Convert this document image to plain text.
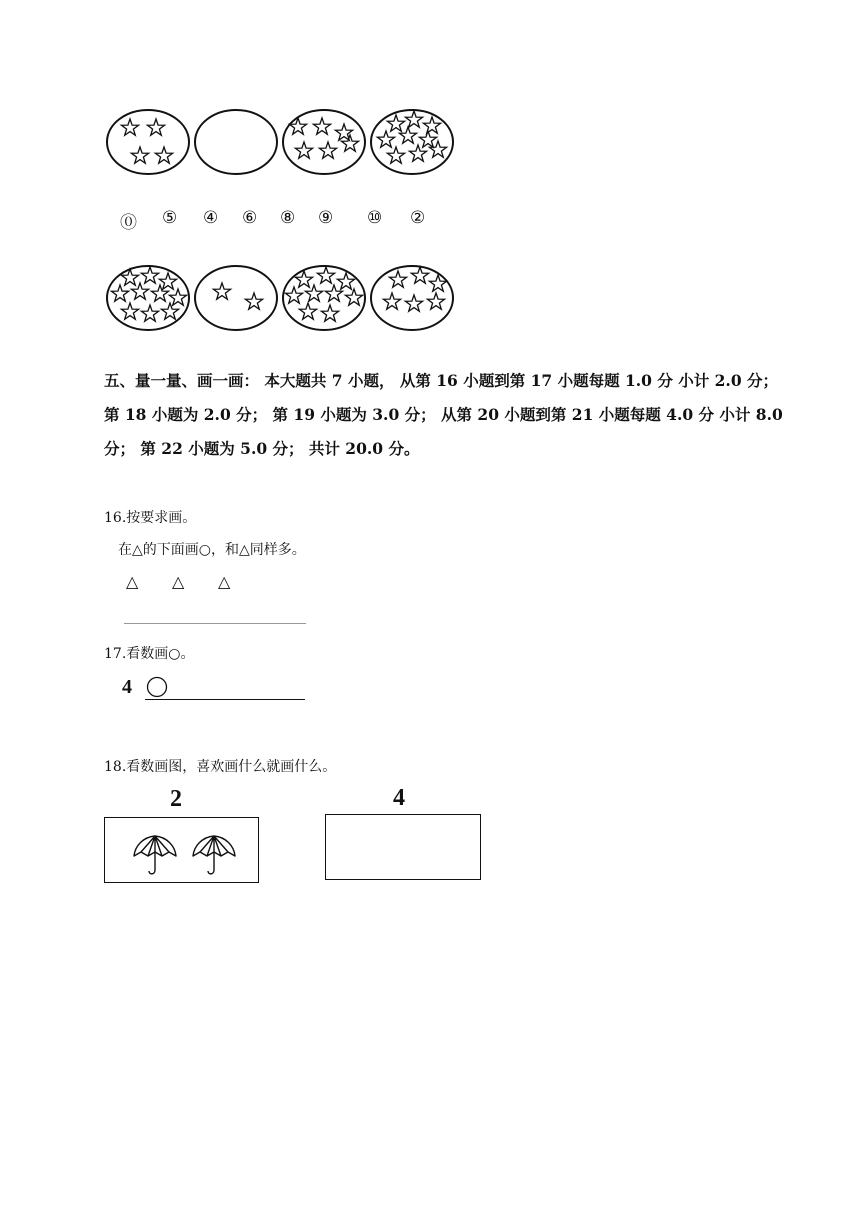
⓪ ⑤ ④ ⑥ ⑧ ⑨ ⑩ ②
五、量一量、画一画： 本大题共 7 小题， 从第 16 小题到第 17 小题每题 1.0 分 小计 2.0 分； 第 18 小题为 2.0 分； 第 19 小题为 3.0 分； 从第 20 小题到第 21 小题每题 4.0 分 小计 8.0 分； 第 22 小题为 5.0 分； 共计 20.0 分。
16.按要求画。
在△的下面画○，和△同样多。
△ △ △
17.看数画○。
4
18.看数画图，喜欢画什么就画什么。
2	4
